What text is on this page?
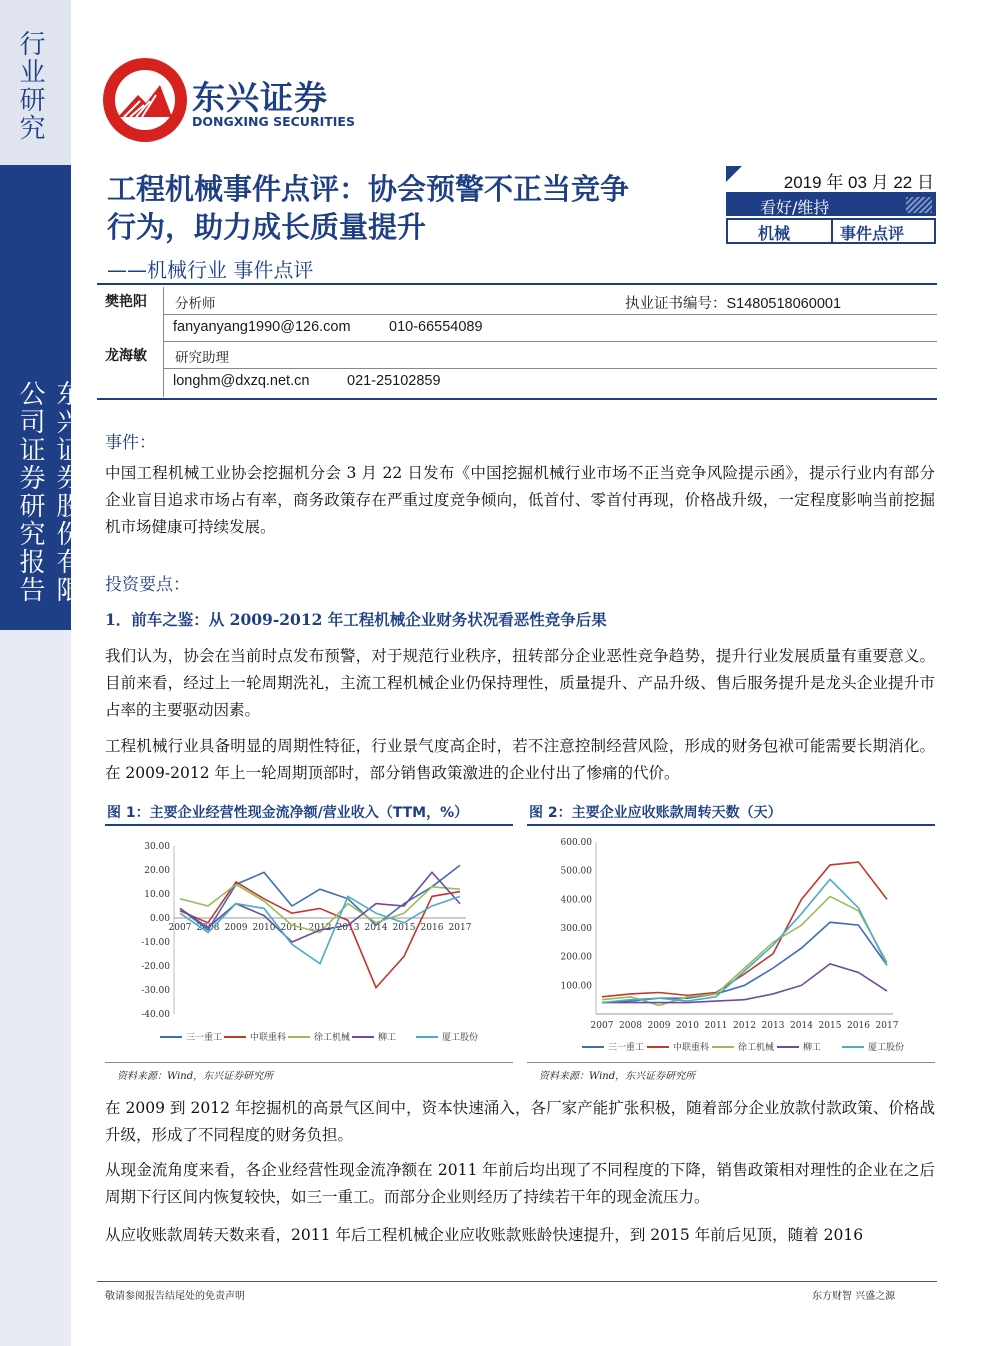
行业研究
东兴证券股份有限公司证券研究报告
东兴证券
DONGXING SECURITIES
工程机械事件点评：协会预警不正当竞争行为，助力成长质量提升
——机械行业 事件点评
2019 年 03 月 22 日
看好/维持
机械	事件点评
樊艳阳 分析师	执业证书编号：S1480518060001
fanyanyang1990@126.com	010-66554089
龙海敏 研究助理
longhm@dxzq.net.cn	021-25102859
事件：
中国工程机械工业协会挖掘机分会 3 月 22 日发布《中国挖掘机械行业市场不正当竞争风险提示函》，提示行业内有部分企业盲目追求市场占有率，商务政策存在严重过度竞争倾向，低首付、零首付再现，价格战升级，一定程度影响当前挖掘机市场健康可持续发展。
投资要点：
1．前车之鉴：从 2009-2012 年工程机械企业财务状况看恶性竞争后果
我们认为，协会在当前时点发布预警，对于规范行业秩序，扭转部分企业恶性竞争趋势，提升行业发展质量有重要意义。目前来看，经过上一轮周期洗礼，主流工程机械企业仍保持理性，质量提升、产品升级、售后服务提升是龙头企业提升市占率的主要驱动因素。
工程机械行业具备明显的周期性特征，行业景气度高企时，若不注意控制经营风险，形成的财务包袱可能需要长期消化。在 2009-2012 年上一轮周期顶部时，部分销售政策激进的企业付出了惨痛的代价。
图 1：主要企业经营性现金流净额/营业收入（TTM，%）
-40.00
-30.00
-20.00
-10.00
0.00
10.00
20.00
30.00
2007 2008 2009 2010 2011 2012 2013 2014 2015 2016 2017
三一重工	中联重科	徐工机械	柳工	厦工股份
资料来源：Wind，东兴证券研究所
图 2：主要企业应收账款周转天数（天）
100.00
200.00
300.00
400.00
500.00
600.00
2007 2008 2009 2010 2011 2012 2013 2014 2015 2016 2017
三一重工	中联重科	徐工机械	柳工	厦工股份
资料来源：Wind，东兴证券研究所
在 2009 到 2012 年挖掘机的高景气区间中，资本快速涌入，各厂家产能扩张积极，随着部分企业放款付款政策、价格战升级，形成了不同程度的财务负担。
从现金流角度来看，各企业经营性现金流净额在 2011 年前后均出现了不同程度的下降，销售政策相对理性的企业在之后周期下行区间内恢复较快，如三一重工。而部分企业则经历了持续若干年的现金流压力。
从应收账款周转天数来看，2011 年后工程机械企业应收账款账龄快速提升，到 2015 年前后见顶，随着 2016
敬请参阅报告结尾处的免责声明	东方财智 兴盛之源
